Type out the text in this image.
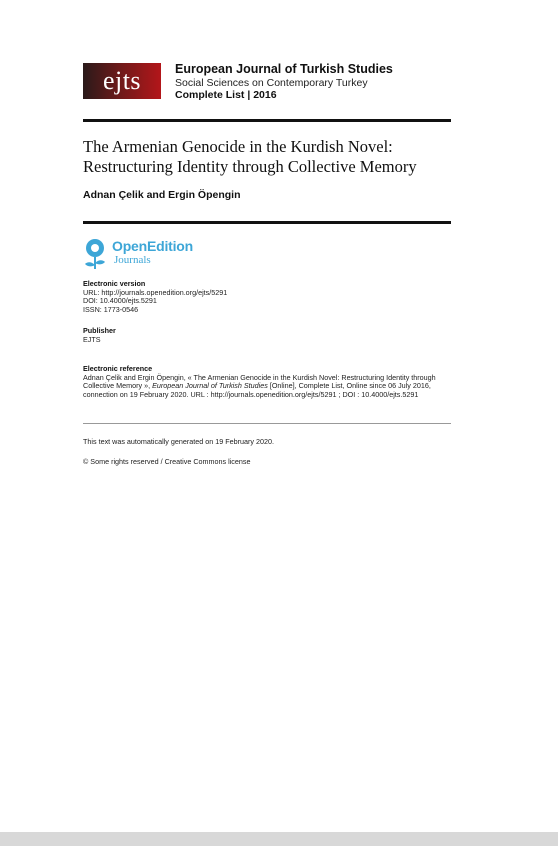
ejts	European Journal of Turkish Studies
Social Sciences on Contemporary Turkey
Complete List | 2016
The Armenian Genocide in the Kurdish Novel:
Restructuring Identity through Collective Memory
Adnan Çelik and Ergin Öpengin
OpenEdition
Journals
Electronic version
URL: http://journals.openedition.org/ejts/5291
DOI: 10.4000/ejts.5291
ISSN: 1773-0546
Publisher
EJTS
Electronic reference
Adnan Çelik and Ergin Öpengin, « The Armenian Genocide in the Kurdish Novel: Restructuring Identity through Collective Memory », European Journal of Turkish Studies [Online], Complete List, Online since 06 July 2016, connection on 19 February 2020. URL : http://journals.openedition.org/ejts/5291 ; DOI : 10.4000/ejts.5291
This text was automatically generated on 19 February 2020.
© Some rights reserved / Creative Commons license
